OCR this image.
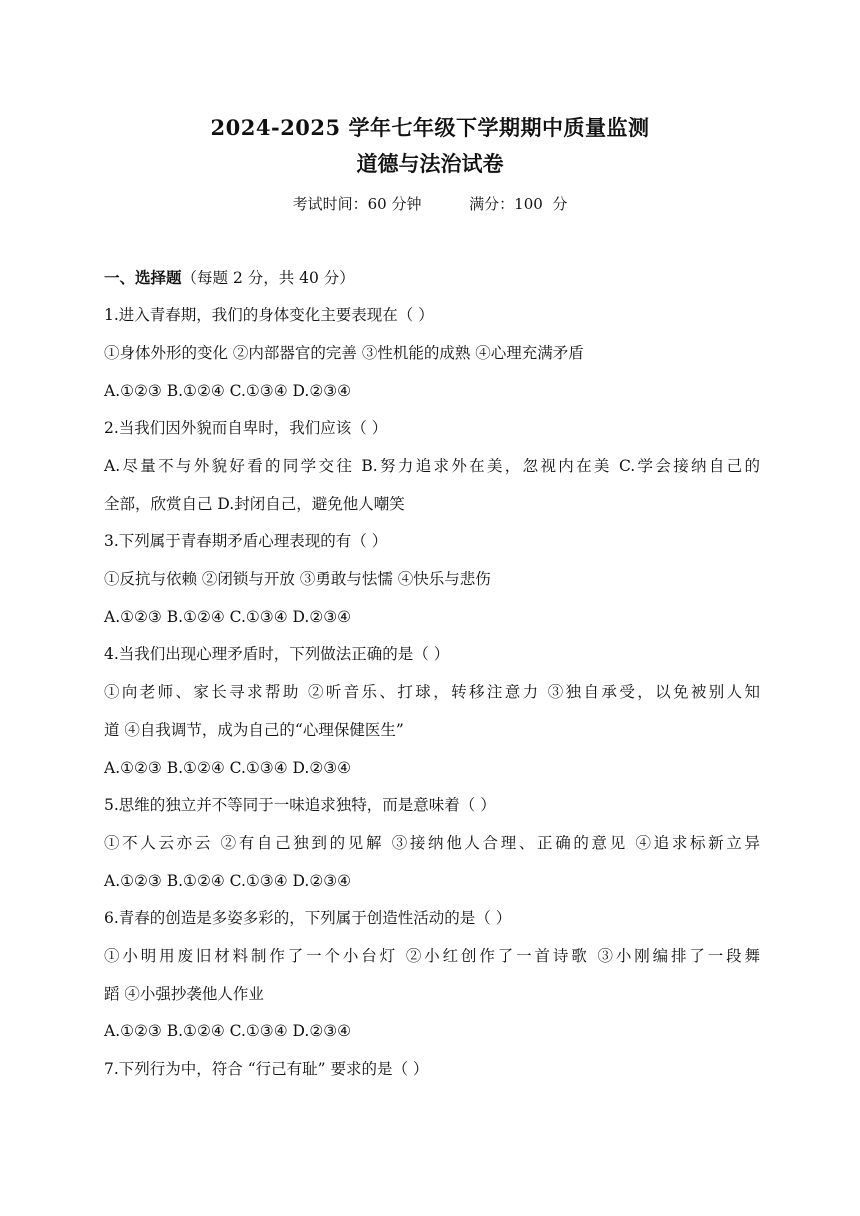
2024-2025 学年七年级下学期期中质量监测
道德与法治试卷
考试时间：60 分钟          满分：100  分
一、选择题（每题 2 分，共 40 分）
1.进入青春期，我们的身体变化主要表现在（ ）
①身体外形的变化 ②内部器官的完善 ③性机能的成熟 ④心理充满矛盾
A.①②③ B.①②④ C.①③④ D.②③④
2.当我们因外貌而自卑时，我们应该（ ）
A.尽量不与外貌好看的同学交往 B.努力追求外在美，忽视内在美 C.学会接纳自己的
全部，欣赏自己 D.封闭自己，避免他人嘲笑
3.下列属于青春期矛盾心理表现的有（ ）
①反抗与依赖 ②闭锁与开放 ③勇敢与怯懦 ④快乐与悲伤
A.①②③ B.①②④ C.①③④ D.②③④
4.当我们出现心理矛盾时，下列做法正确的是（ ）
①向老师、家长寻求帮助 ②听音乐、打球，转移注意力 ③独自承受，以免被别人知
道 ④自我调节，成为自己的“心理保健医生”
A.①②③ B.①②④ C.①③④ D.②③④
5.思维的独立并不等同于一味追求独特，而是意味着（ ）
①不人云亦云 ②有自己独到的见解 ③接纳他人合理、正确的意见 ④追求标新立异
A.①②③ B.①②④ C.①③④ D.②③④
6.青春的创造是多姿多彩的，下列属于创造性活动的是（ ）
①小明用废旧材料制作了一个小台灯 ②小红创作了一首诗歌 ③小刚编排了一段舞
蹈 ④小强抄袭他人作业
A.①②③ B.①②④ C.①③④ D.②③④
7.下列行为中，符合 “行己有耻” 要求的是（ ）
